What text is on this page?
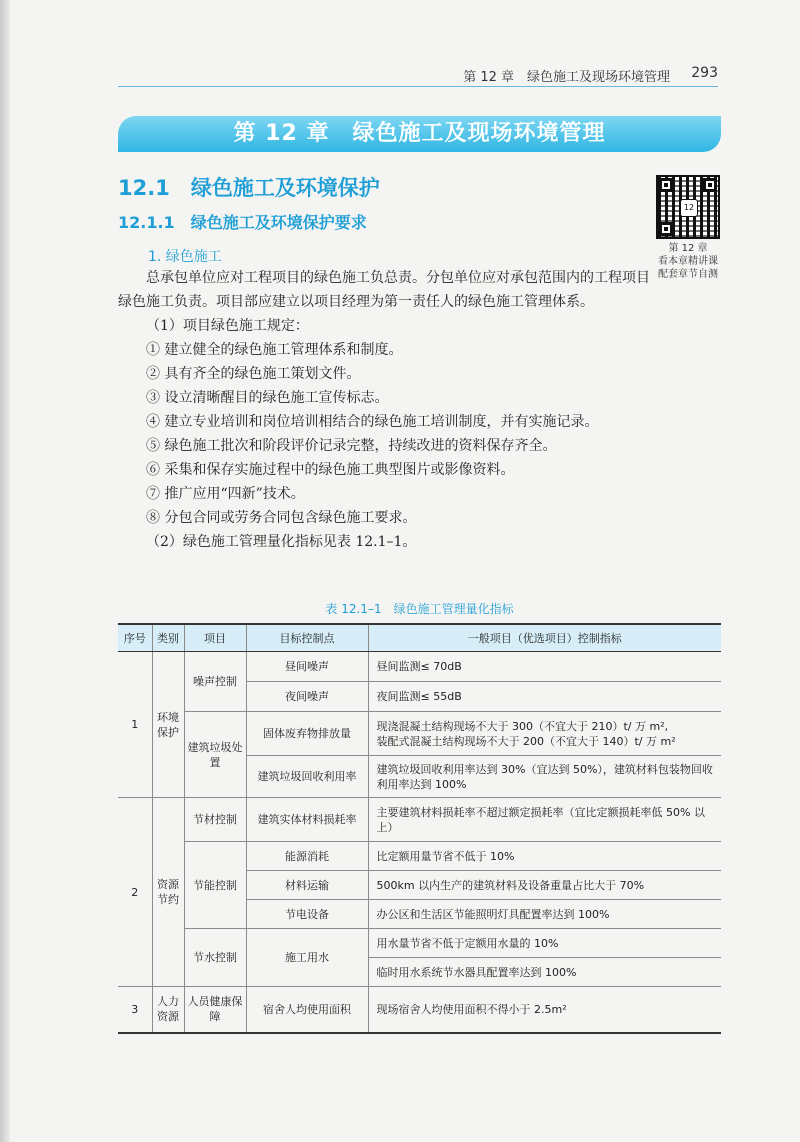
第 12 章　绿色施工及现场环境管理 293
第 12 章　绿色施工及现场环境管理
12.1　绿色施工及环境保护
12.1.1　绿色施工及环境保护要求
1. 绿色施工
12
第 12 章
看本章精讲课
配套章节自测

总承包单位应对工程项目的绿色施工负总责。分包单位应对承包范围内的工程项目绿色施工负责。项目部应建立以项目经理为第一责任人的绿色施工管理体系。

（1）项目绿色施工规定：

① 建立健全的绿色施工管理体系和制度。

② 具有齐全的绿色施工策划文件。

③ 设立清晰醒目的绿色施工宣传标志。

④ 建立专业培训和岗位培训相结合的绿色施工培训制度，并有实施记录。

⑤ 绿色施工批次和阶段评价记录完整，持续改进的资料保存齐全。

⑥ 采集和保存实施过程中的绿色施工典型图片或影像资料。

⑦ 推广应用“四新”技术。

⑧ 分包合同或劳务合同包含绿色施工要求。

（2）绿色施工管理量化指标见表 12.1–1。

表 12.1–1　绿色施工管理量化指标
序号	类别	项目	目标控制点	一般项目（优选项目）控制指标
1	环境保护	噪声控制	昼间噪声	昼间监测≤ 70dB
			夜间噪声	夜间监测≤ 55dB
		建筑垃圾处置	固体废弃物排放量	现浇混凝土结构现场不大于 300（不宜大于 210）t/ 万 m²,
装配式混凝土结构现场不大于 200（不宜大于 140）t/ 万 m²

			建筑垃圾回收利用率	建筑垃圾回收利用率达到 30%（宜达到 50%），建筑材料包装物回收利用率达到 100%
2	资源节约	节材控制	建筑实体材料损耗率	主要建筑材料损耗率不超过额定损耗率（宜比定额损耗率低 50% 以上）
		节能控制	能源消耗	比定额用量节省不低于 10%
			材料运输	500km 以内生产的建筑材料及设备重量占比大于 70%
			节电设备	办公区和生活区节能照明灯具配置率达到 100%
		节水控制	施工用水	用水量节省不低于定额用水量的 10%
				临时用水系统节水器具配置率达到 100%
3	人力资源	人员健康保障	宿舍人均使用面积	现场宿舍人均使用面积不得小于 2.5m²
